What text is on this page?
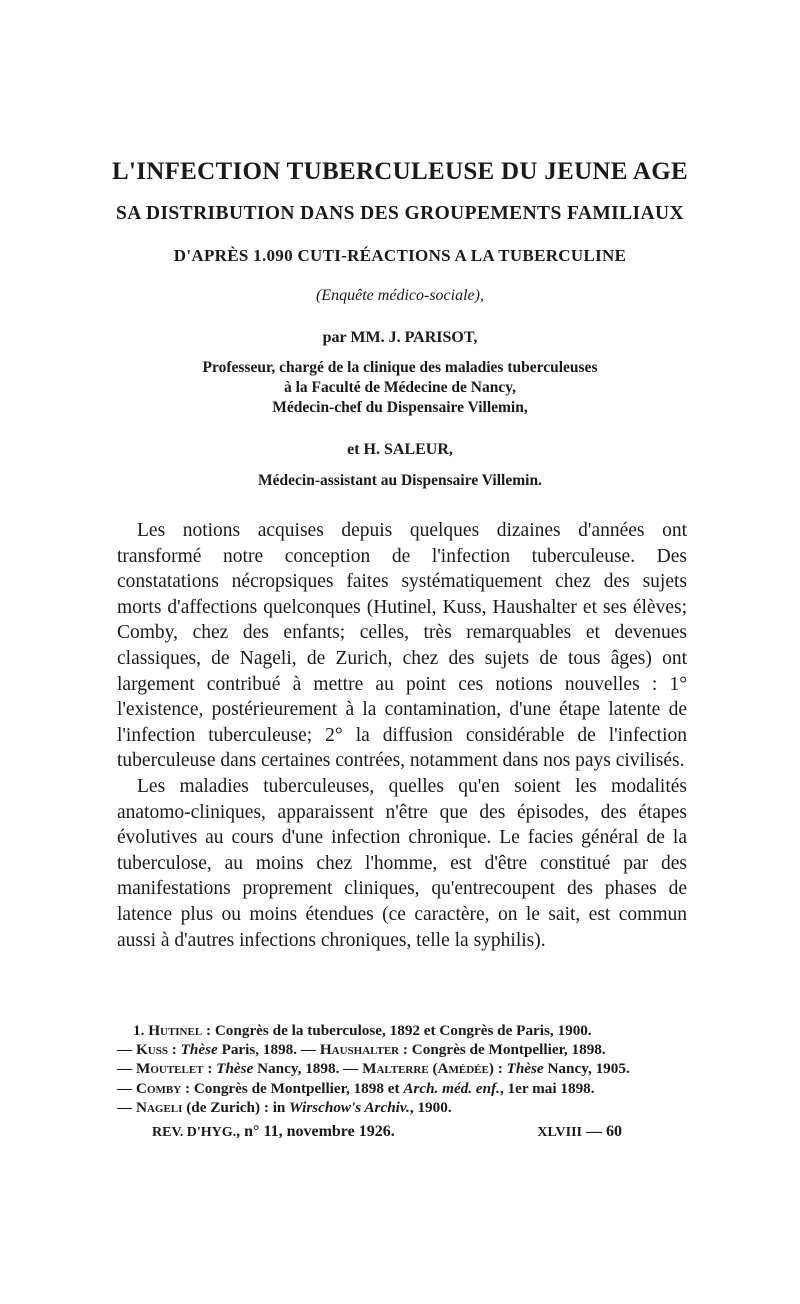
L'INFECTION TUBERCULEUSE DU JEUNE AGE
SA DISTRIBUTION DANS DES GROUPEMENTS FAMILIAUX
D'APRÈS 1.090 CUTI-RÉACTIONS A LA TUBERCULINE
(Enquête médico-sociale),
par MM. J. PARISOT,
Professeur, chargé de la clinique des maladies tuberculeuses
à la Faculté de Médecine de Nancy,
Médecin-chef du Dispensaire Villemin,
et H. SALEUR,
Médecin-assistant au Dispensaire Villemin.

Les notions acquises depuis quelques dizaines d'années ont transformé notre conception de l'infection tuberculeuse. Des constatations nécropsiques faites systématiquement chez des sujets morts d'affections quelconques (Hutinel, Kuss, Haushalter et ses élèves; Comby, chez des enfants; celles, très remarquables et devenues classiques, de Nageli, de Zurich, chez des sujets de tous âges) ont largement contribué à mettre au point ces notions nouvelles : 1° l'existence, postérieurement à la contamination, d'une étape latente de l'infection tuberculeuse; 2° la diffusion considérable de l'infection tuberculeuse dans certaines contrées, notamment dans nos pays civilisés.

Les maladies tuberculeuses, quelles qu'en soient les modalités anatomo-cliniques, apparaissent n'être que des épisodes, des étapes évolutives au cours d'une infection chronique. Le facies général de la tuberculose, au moins chez l'homme, est d'être constitué par des manifestations proprement cliniques, qu'entrecoupent des phases de latence plus ou moins étendues (ce caractère, on le sait, est commun aussi à d'autres infections chroniques, telle la syphilis).

1. Hutinel : Congrès de la tuberculose, 1892 et Congrès de Paris, 1900.
— Kuss : Thèse Paris, 1898. — Haushalter : Congrès de Montpellier, 1898.
— Moutelet : Thèse Nancy, 1898. — Malterre (Amédée) : Thèse Nancy, 1905.
— Comby : Congrès de Montpellier, 1898 et Arch. méd. enf., 1er mai 1898.
— Nageli (de Zurich) : in Wirschow's Archiv., 1900.
REV. D'HYG., n° 11, novembre 1926.	XLVIII — 60
